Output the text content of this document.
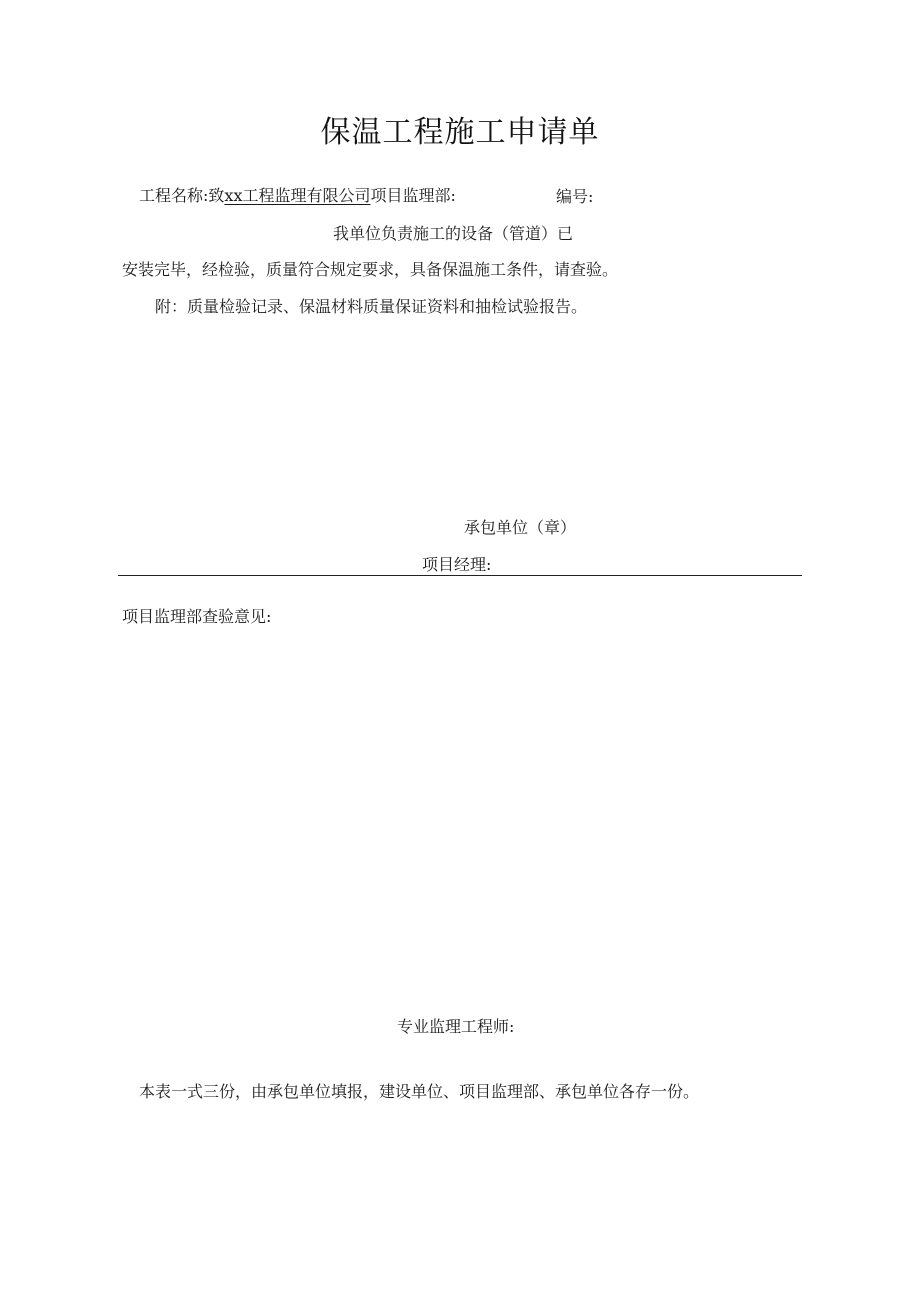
保温工程施工申请单
工程名称:致xx工程监理有限公司项目监理部:	编号:
我单位负责施工的设备（管道）已
安装完毕，经检验，质量符合规定要求，具备保温施工条件，请查验。
附：质量检验记录、保温材料质量保证资料和抽检试验报告。
承包单位（章）
项目经理:
项目监理部查验意见:
专业监理工程师:
本表一式三份，由承包单位填报，建设单位、项目监理部、承包单位各存一份。
